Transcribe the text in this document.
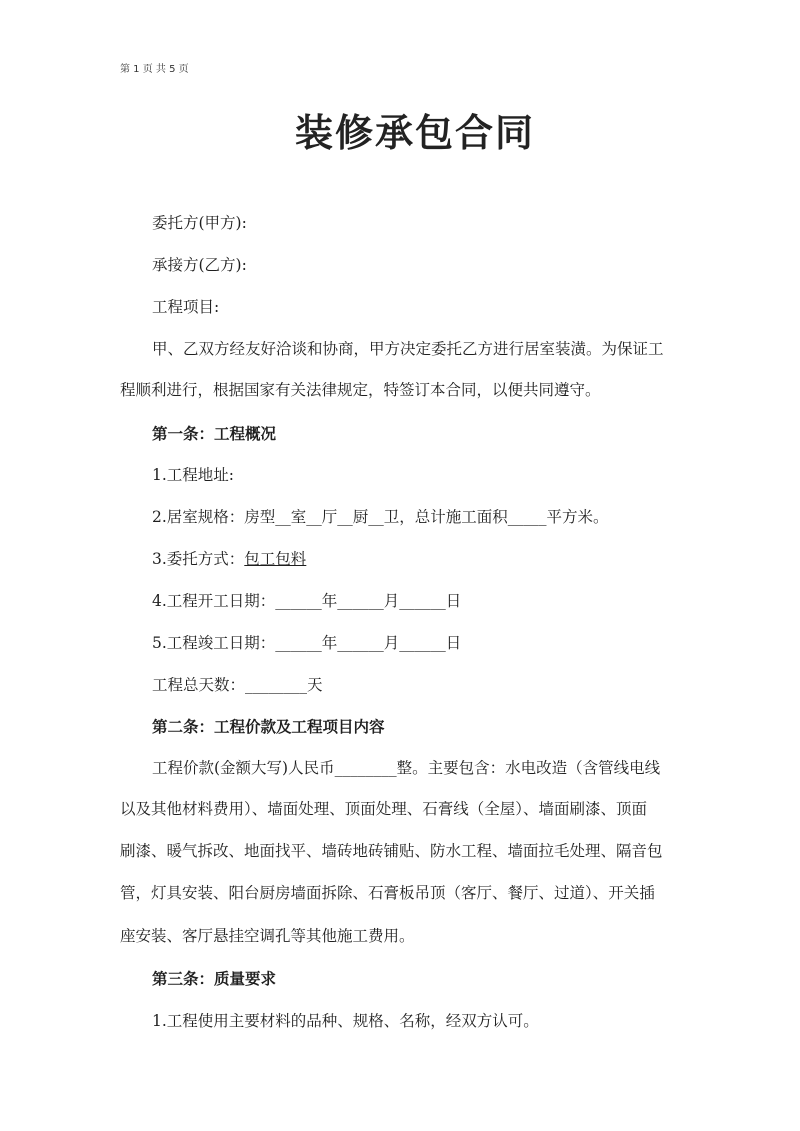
第 1 页 共 5 页
装修承包合同
委托方(甲方):
承接方(乙方):
工程项目:
甲、乙双方经友好洽谈和协商，甲方决定委托乙方进行居室装潢。为保证工
程顺利进行，根据国家有关法律规定，特签订本合同，以便共同遵守。
第一条：工程概况
1.工程地址:
2.居室规格：房型__室__厅__厨__卫，总计施工面积_____平方米。
3.委托方式：包工包料
4.工程开工日期：______年______月______日
5.工程竣工日期：______年______月______日
工程总天数：________天
第二条：工程价款及工程项目内容
工程价款(金额大写)人民币________整。主要包含：水电改造（含管线电线
以及其他材料费用）、墙面处理、顶面处理、石膏线（全屋）、墙面刷漆、顶面
刷漆、暖气拆改、地面找平、墙砖地砖铺贴、防水工程、墙面拉毛处理、隔音包
管，灯具安装、阳台厨房墙面拆除、石膏板吊顶（客厅、餐厅、过道）、开关插
座安装、客厅悬挂空调孔等其他施工费用。
第三条：质量要求
1.工程使用主要材料的品种、规格、名称，经双方认可。
